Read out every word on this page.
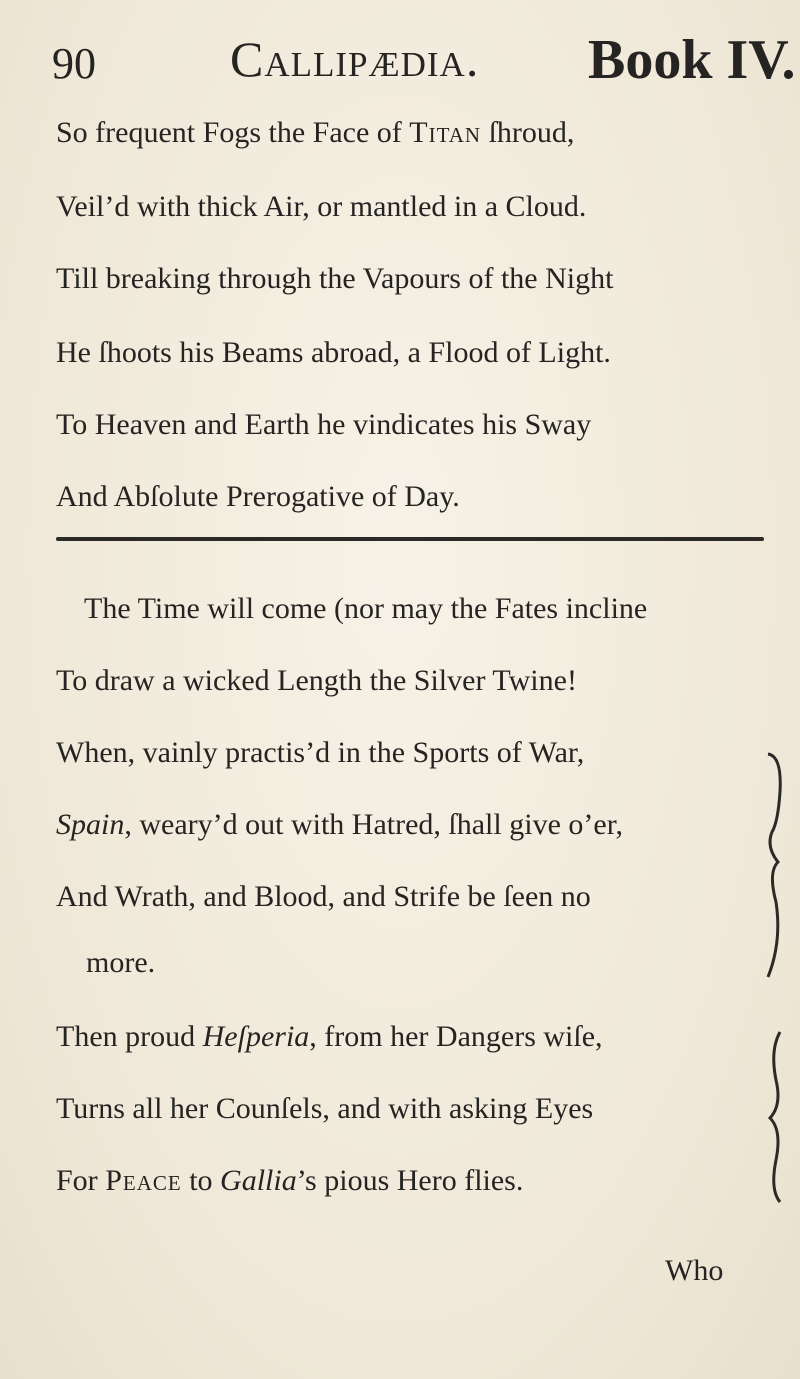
90	Callipædia. Book IV.
So frequent Fogs the Face of Titan ſhroud,
Veil’d with thick Air, or mantled in a Cloud.
Till breaking through the Vapours of the Night
He ſhoots his Beams abroad, a Flood of Light.
To Heaven and Earth he vindicates his Sway
And Abſolute Prerogative of Day.
The Time will come (nor may the Fates incline
To draw a wicked Length the Silver Twine!
When, vainly practis’d in the Sports of War,
Spain, weary’d out with Hatred, ſhall give o’er,
And Wrath, and Blood, and Strife be ſeen no
more.
Then proud Heſperia, from her Dangers wiſe,
Turns all her Counſels, and with asking Eyes
For Peace to Gallia’s pious Hero flies.
Who
